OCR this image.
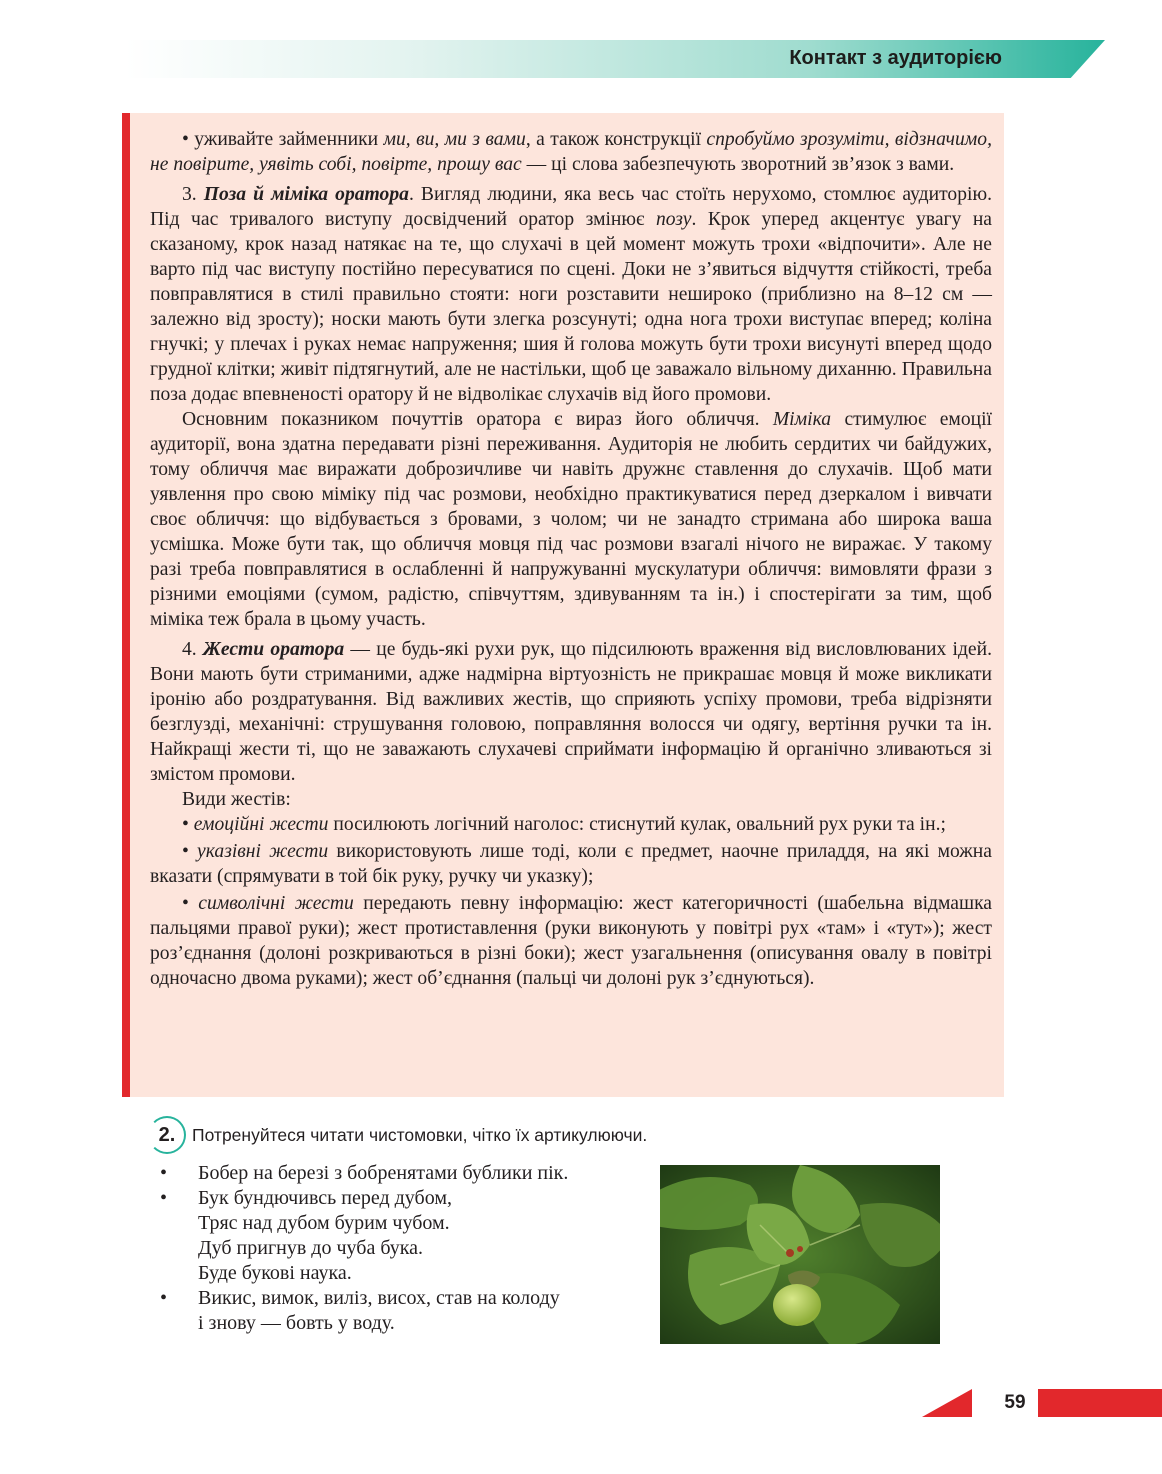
Контакт з аудиторією

• уживайте займенники ми, ви, ми з вами, а також конструкції спробуймо зрозуміти, відзначимо, не повірите, уявіть собі, повірте, прошу вас — ці слова забезпечують зворотний зв’язок з вами.

3. Поза й міміка оратора. Вигляд людини, яка весь час стоїть нерухомо, стомлює аудиторію. Під час тривалого виступу досвідчений оратор змінює позу. Крок уперед акцентує увагу на сказаному, крок назад натякає на те, що слухачі в цей момент можуть трохи «відпочити». Але не варто під час виступу постійно пересуватися по сцені. Доки не з’явиться відчуття стійкості, треба повправлятися в стилі правильно стояти: ноги розставити неширокo (приблизно на 8–12 см — залежно від зросту); носки мають бути злегка розсунуті; одна нога трохи виступає вперед; коліна гнучкі; у плечах і руках немає напруження; шия й голова можуть бути трохи висунуті вперед щодо грудної клітки; живіт підтягнутий, але не настільки, щоб це заважало вільному диханню. Правильна поза додає впевненості оратору й не відволікає слухачів від його промови.

Основним показником почуттів оратора є вираз його обличчя. Міміка стимулює емоції аудиторії, вона здатна передавати різні переживання. Аудиторія не любить сердитих чи байдужих, тому обличчя має виражати доброзичливе чи навіть дружнє ставлення до слухачів. Щоб мати уявлення про свою міміку під час розмови, необхідно практикуватися перед дзеркалом і вивчати своє обличчя: що відбувається з бровами, з чолом; чи не занадто стримана або широка ваша усмішка. Може бути так, що обличчя мовця під час розмови взагалі нічого не виражає. У такому разі треба повправлятися в ослабленні й напружуванні мускулатури обличчя: вимовляти фрази з різними емоціями (сумом, радістю, співчуттям, здивуванням та ін.) і спостерігати за тим, щоб міміка теж брала в цьому участь.

4. Жести оратора — це будь-які рухи рук, що підсилюють враження від висловлюваних ідей. Вони мають бути стриманими, адже надмірна віртуозність не прикрашає мовця й може викликати іронію або роздратування. Від важливих жестів, що сприяють успіху промови, треба відрізняти безглузді, механічні: струшування головою, поправляння волосся чи одягу, вертіння ручки та ін. Найкращі жести ті, що не заважають слухачеві сприймати інформацію й органічно зливаються зі змістом промови.

Види жестів:

• емоційні жести посилюють логічний наголос: стиснутий кулак, овальний рух руки та ін.;

• указівні жести використовують лише тоді, коли є предмет, наочне приладдя, на які можна вказати (спрямувати в той бік руку, ручку чи указку);

• символічні жести передають певну інформацію: жест категоричності (шабельна відмашка пальцями правої руки); жест протиставлення (руки виконують у повітрі рух «там» і «тут»); жест роз’єднання (долоні розкриваються в різні боки); жест узагальнення (описування овалу в повітрі одночасно двома руками); жест об’єднання (пальці чи долоні рук з’єднуються).

2. Потренуйтеся читати чистомовки, чітко їх артикулюючи.
•	Бобер на березі з бобренятами бублики пік.
•	Бук бундючивсь перед дубом,
Тряс над дубом бурим чубом.
Дуб пригнув до чуба бука.
Буде букові наука.
•	Викис, вимок, виліз, висох, став на колоду
і знову — бовть у воду.
59
